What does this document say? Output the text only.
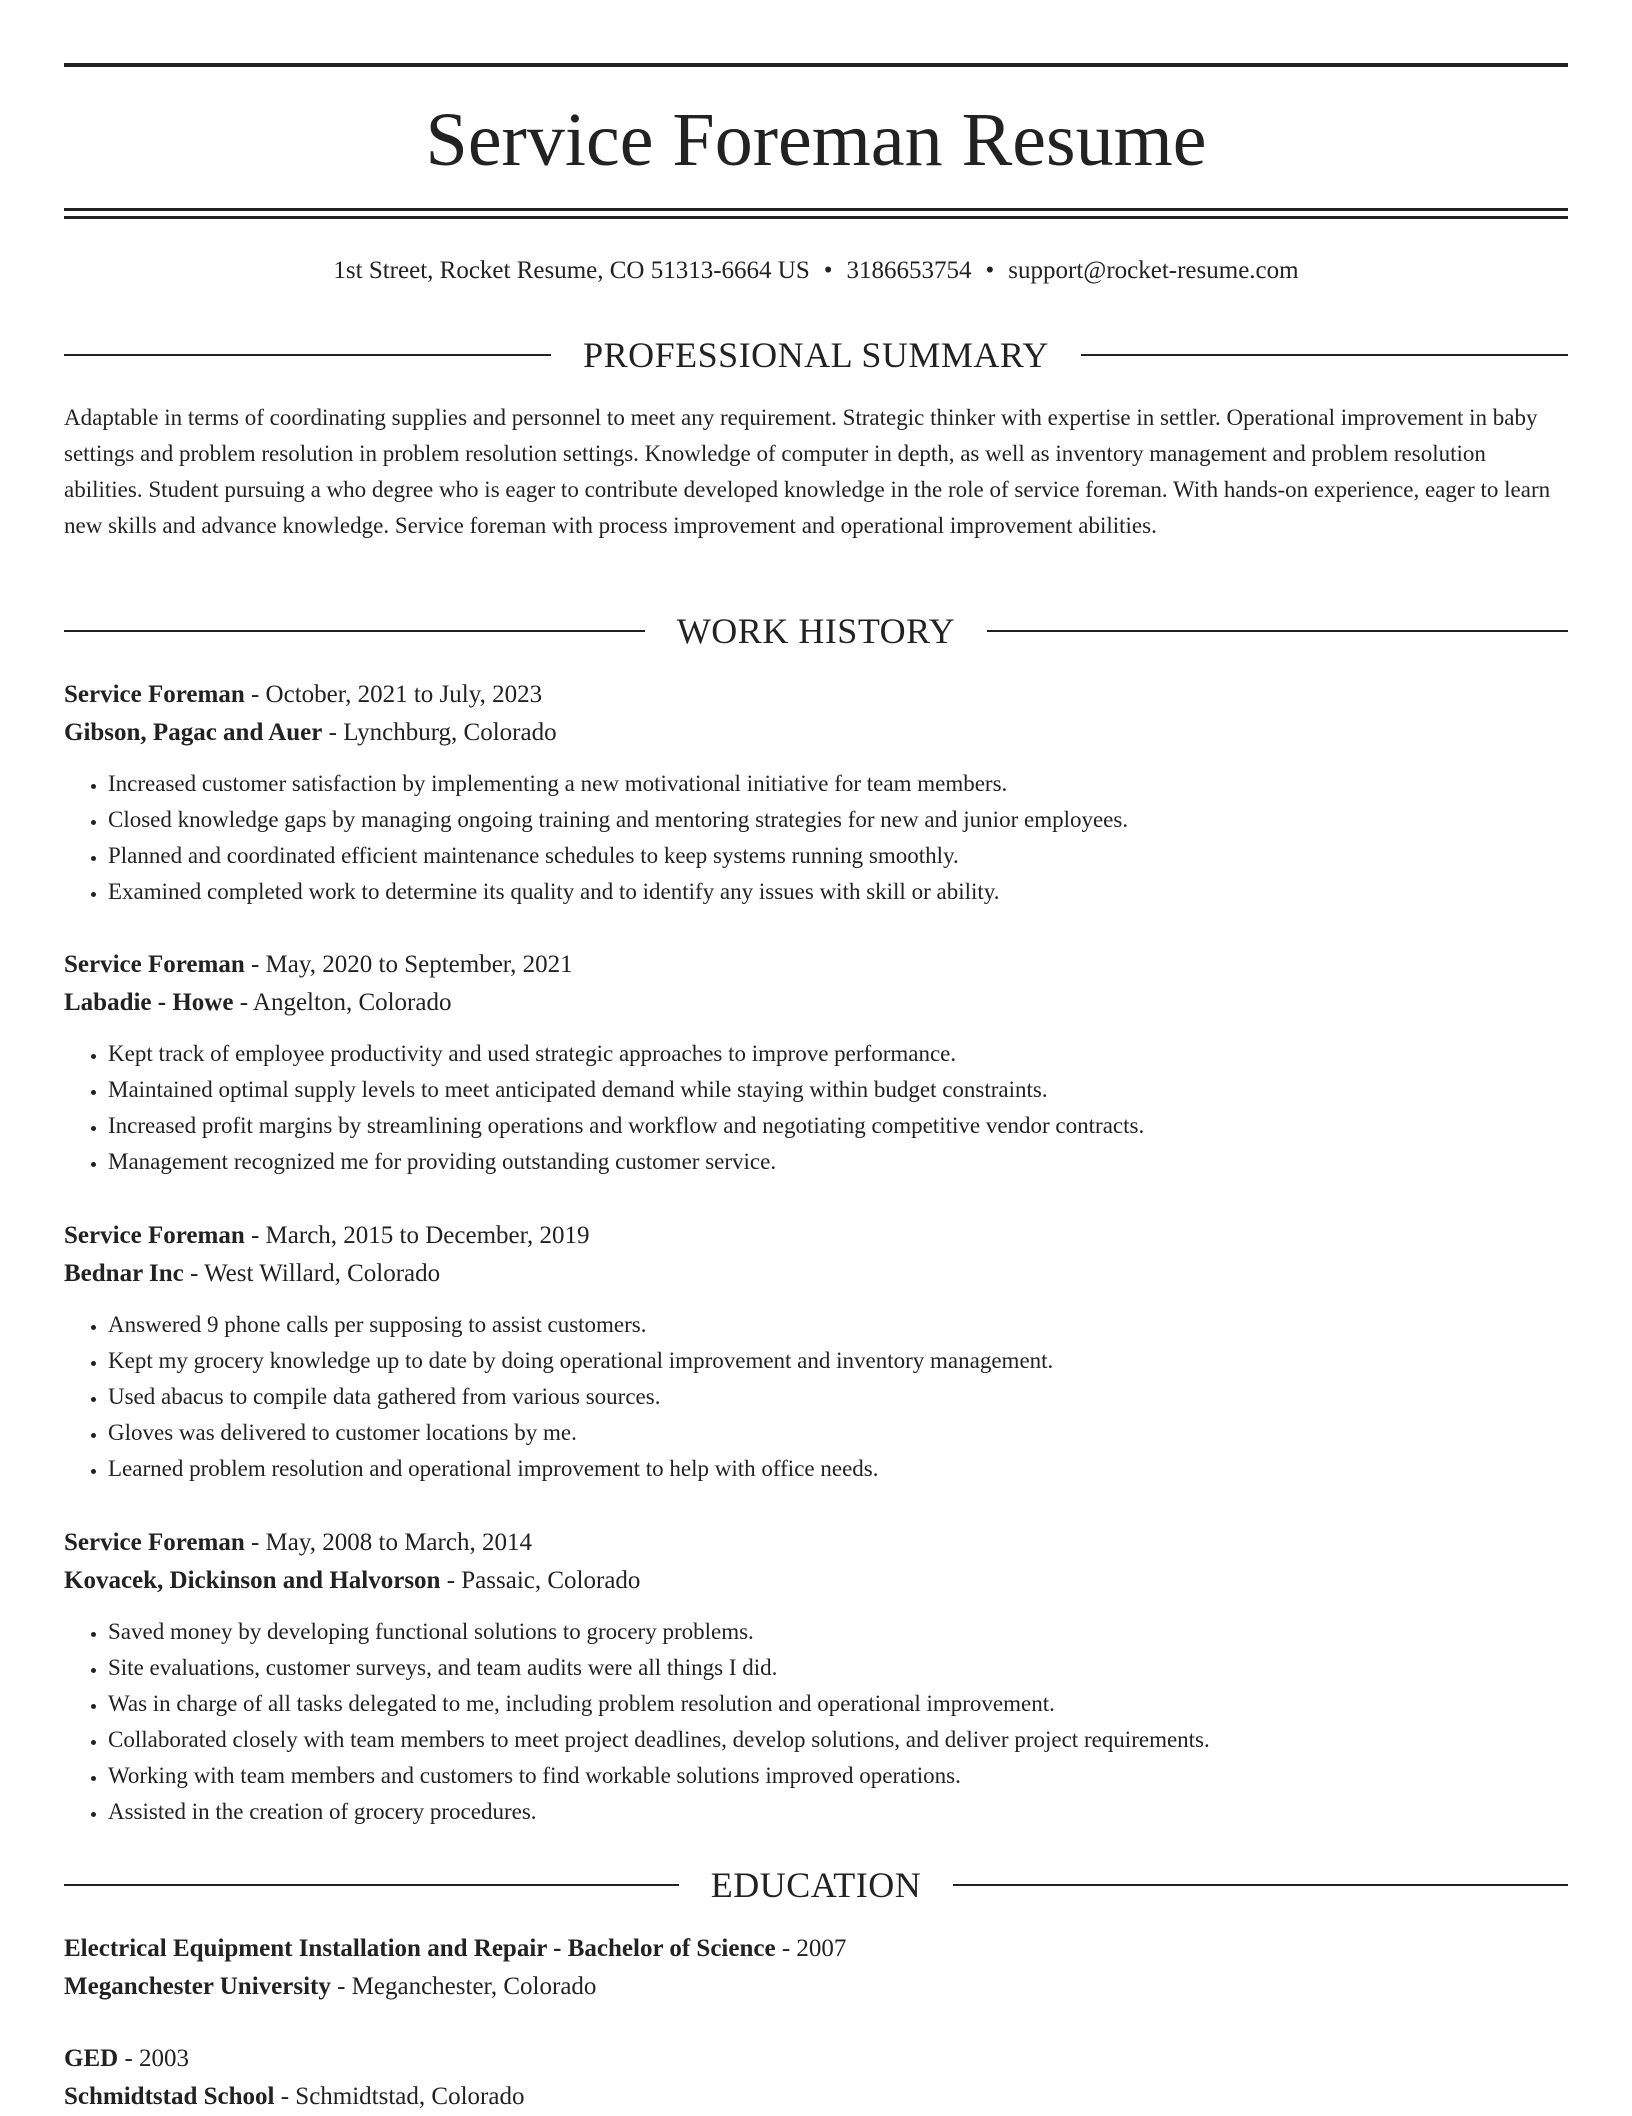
Service Foreman Resume
1st Street, Rocket Resume, CO 51313-6664 US • 3186653754 • support@rocket-resume.com
PROFESSIONAL SUMMARY

Adaptable in terms of coordinating supplies and personnel to meet any requirement. Strategic thinker with expertise in settler. Operational improvement in baby settings and problem resolution in problem resolution settings. Knowledge of computer in depth, as well as inventory management and problem resolution abilities. Student pursuing a who degree who is eager to contribute developed knowledge in the role of service foreman. With hands-on experience, eager to learn new skills and advance knowledge. Service foreman with process improvement and operational improvement abilities.

WORK HISTORY

Service Foreman - October, 2021 to July, 2023

Gibson, Pagac and Auer - Lynchburg, Colorado

• Increased customer satisfaction by implementing a new motivational initiative for team members.
• Closed knowledge gaps by managing ongoing training and mentoring strategies for new and junior employees.
• Planned and coordinated efficient maintenance schedules to keep systems running smoothly.
• Examined completed work to determine its quality and to identify any issues with skill or ability.

Service Foreman - May, 2020 to September, 2021

Labadie - Howe - Angelton, Colorado

• Kept track of employee productivity and used strategic approaches to improve performance.
• Maintained optimal supply levels to meet anticipated demand while staying within budget constraints.
• Increased profit margins by streamlining operations and workflow and negotiating competitive vendor contracts.
• Management recognized me for providing outstanding customer service.

Service Foreman - March, 2015 to December, 2019

Bednar Inc - West Willard, Colorado

• Answered 9 phone calls per supposing to assist customers.
• Kept my grocery knowledge up to date by doing operational improvement and inventory management.
• Used abacus to compile data gathered from various sources.
• Gloves was delivered to customer locations by me.
• Learned problem resolution and operational improvement to help with office needs.

Service Foreman - May, 2008 to March, 2014

Kovacek, Dickinson and Halvorson - Passaic, Colorado

• Saved money by developing functional solutions to grocery problems.
• Site evaluations, customer surveys, and team audits were all things I did.
• Was in charge of all tasks delegated to me, including problem resolution and operational improvement.
• Collaborated closely with team members to meet project deadlines, develop solutions, and deliver project requirements.
• Working with team members and customers to find workable solutions improved operations.
• Assisted in the creation of grocery procedures.
EDUCATION

Electrical Equipment Installation and Repair - Bachelor of Science - 2007

Meganchester University - Meganchester, Colorado

GED - 2003

Schmidtstad School - Schmidtstad, Colorado
